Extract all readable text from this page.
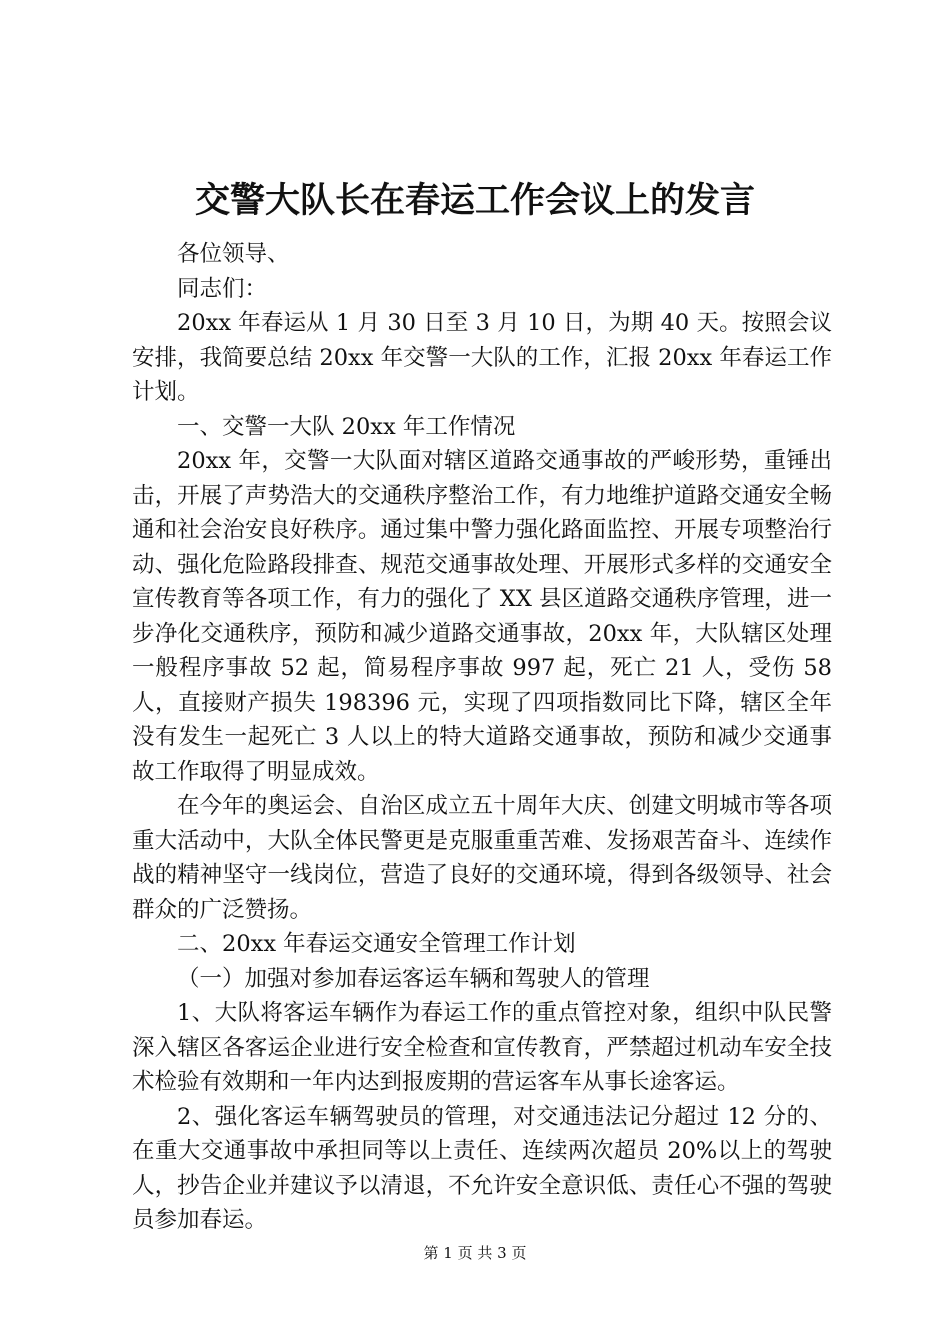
交警大队长在春运工作会议上的发言

各位领导、

同志们：

20xx 年春运从 1 月 30 日至 3 月 10 日，为期 40 天。按照会议安排，我简要总结 20xx 年交警一大队的工作，汇报 20xx 年春运工作计划。

一、交警一大队 20xx 年工作情况

20xx 年，交警一大队面对辖区道路交通事故的严峻形势，重锤出击，开展了声势浩大的交通秩序整治工作，有力地维护道路交通安全畅通和社会治安良好秩序。通过集中警力强化路面监控、开展专项整治行动、强化危险路段排查、规范交通事故处理、开展形式多样的交通安全宣传教育等各项工作，有力的强化了 XX 县区道路交通秩序管理，进一步净化交通秩序，预防和减少道路交通事故，20xx 年，大队辖区处理一般程序事故 52 起，简易程序事故 997 起，死亡 21 人，受伤 58 人，直接财产损失 198396 元，实现了四项指数同比下降，辖区全年没有发生一起死亡 3 人以上的特大道路交通事故，预防和减少交通事故工作取得了明显成效。

在今年的奥运会、自治区成立五十周年大庆、创建文明城市等各项重大活动中，大队全体民警更是克服重重苦难、发扬艰苦奋斗、连续作战的精神坚守一线岗位，营造了良好的交通环境，得到各级领导、社会群众的广泛赞扬。

二、20xx 年春运交通安全管理工作计划

（一）加强对参加春运客运车辆和驾驶人的管理

1、大队将客运车辆作为春运工作的重点管控对象，组织中队民警深入辖区各客运企业进行安全检查和宣传教育，严禁超过机动车安全技术检验有效期和一年内达到报废期的营运客车从事长途客运。

2、强化客运车辆驾驶员的管理，对交通违法记分超过 12 分的、在重大交通事故中承担同等以上责任、连续两次超员 20%以上的驾驶人，抄告企业并建议予以清退，不允许安全意识低、责任心不强的驾驶员参加春运。

第 1 页 共 3 页
